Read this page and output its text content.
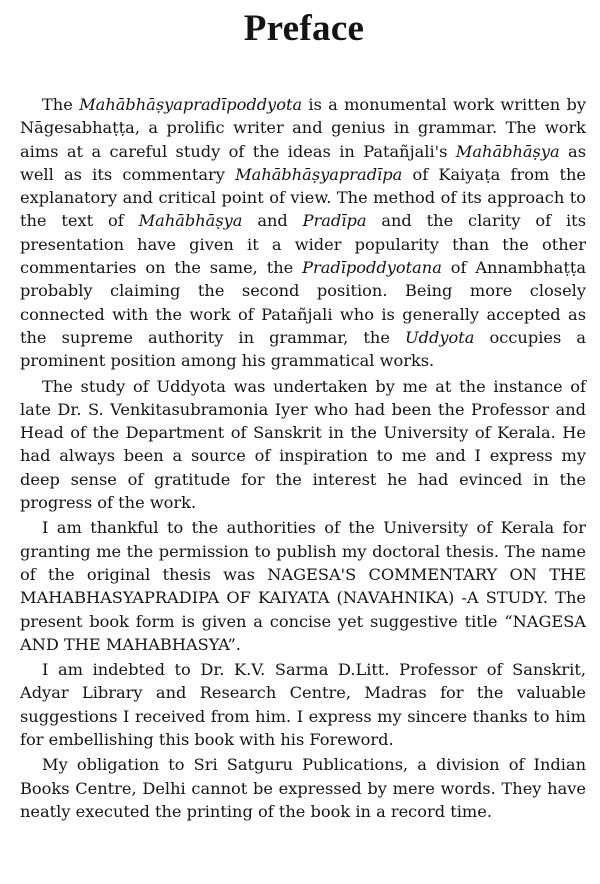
Preface

The Mahābhāṣyapradīpoddyota is a monumental work written by Nāgesabhaṭṭa, a prolific writer and genius in grammar. The work aims at a careful study of the ideas in Patañjali's Mahābhāṣya as well as its commentary Mahābhāṣyapradīpa of Kaiyaṭa from the explanatory and critical point of view. The method of its approach to the text of Mahābhāṣya and Pradīpa and the clarity of its presentation have given it a wider popularity than the other commentaries on the same, the Pradīpoddyotana of Annambhaṭṭa probably claiming the second position. Being more closely connected with the work of Patañjali who is generally accepted as the supreme authority in grammar, the Uddyota occupies a prominent position among his grammatical works.

The study of Uddyota was undertaken by me at the instance of late Dr. S. Venkitasubramonia Iyer who had been the Professor and Head of the Department of Sanskrit in the University of Kerala. He had always been a source of inspiration to me and I express my deep sense of gratitude for the interest he had evinced in the progress of the work.

I am thankful to the authorities of the University of Kerala for granting me the permission to publish my doctoral thesis. The name of the original thesis was NAGESA'S COMMENTARY ON THE MAHABHASYAPRADIPA OF KAIYATA (NAVAHNIKA) -A STUDY. The present book form is given a concise yet suggestive title “NAGESA AND THE MAHABHASYA”.

I am indebted to Dr. K.V. Sarma D.Litt. Professor of Sanskrit, Adyar Library and Research Centre, Madras for the valuable suggestions I received from him. I express my sincere thanks to him for embellishing this book with his Foreword.

My obligation to Sri Satguru Publications, a division of Indian Books Centre, Delhi cannot be expressed by mere words. They have neatly executed the printing of the book in a record time.
